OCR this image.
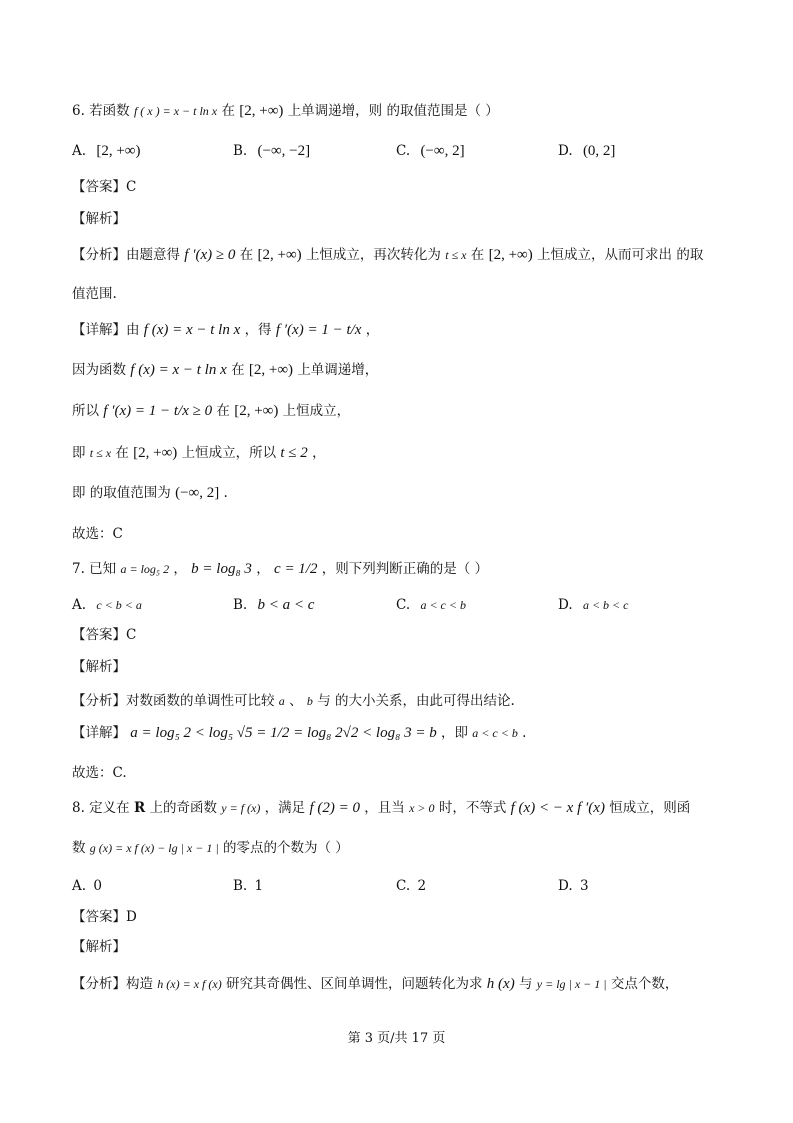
6. 若函数 f ( x ) = x − t ln x 在 [2, +∞) 上单调递增，则 的取值范围是（ ）
A. [2, +∞)	B. (−∞, −2]	C. (−∞, 2]	D. (0, 2]
【答案】C
【解析】
【分析】由题意得 f ′(x) ≥ 0 在 [2, +∞) 上恒成立，再次转化为 t ≤ x 在 [2, +∞) 上恒成立，从而可求出 的取
值范围.
【详解】由 f (x) = x − t ln x ，得 f ′(x) = 1 − t/x ，
因为函数 f (x) = x − t ln x 在 [2, +∞) 上单调递增，
所以 f ′(x) = 1 − t/x ≥ 0 在 [2, +∞) 上恒成立，
即 t ≤ x 在 [2, +∞) 上恒成立，所以 t ≤ 2 ，
即 的取值范围为 (−∞, 2] .
故选：C
7. 已知 a = log₅ 2 ， b = log₈ 3 ， c = 1/2 ，则下列判断正确的是（ ）
A. c < b < a	B. b < a < c	C. a < c < b	D. a < b < c
【答案】C
【解析】
【分析】对数函数的单调性可比较 a 、 b 与 的大小关系，由此可得出结论.
【详解】 a = log₅ 2 < log₅ √5 = 1/2 = log₈ 2√2 < log₈ 3 = b ，即 a < c < b .
故选：C.
8. 定义在 R 上的奇函数 y = f (x) ，满足 f (2) = 0 ，且当 x > 0 时，不等式 f (x) < − x f ′(x) 恒成立，则函
数 g (x) = x f (x) − lg | x − 1 | 的零点的个数为（ ）
A. 0	B. 1	C. 2	D. 3
【答案】D
【解析】
【分析】构造 h (x) = x f (x) 研究其奇偶性、区间单调性，问题转化为求 h (x) 与 y = lg | x − 1 | 交点个数，
第 3 页/共 17 页
